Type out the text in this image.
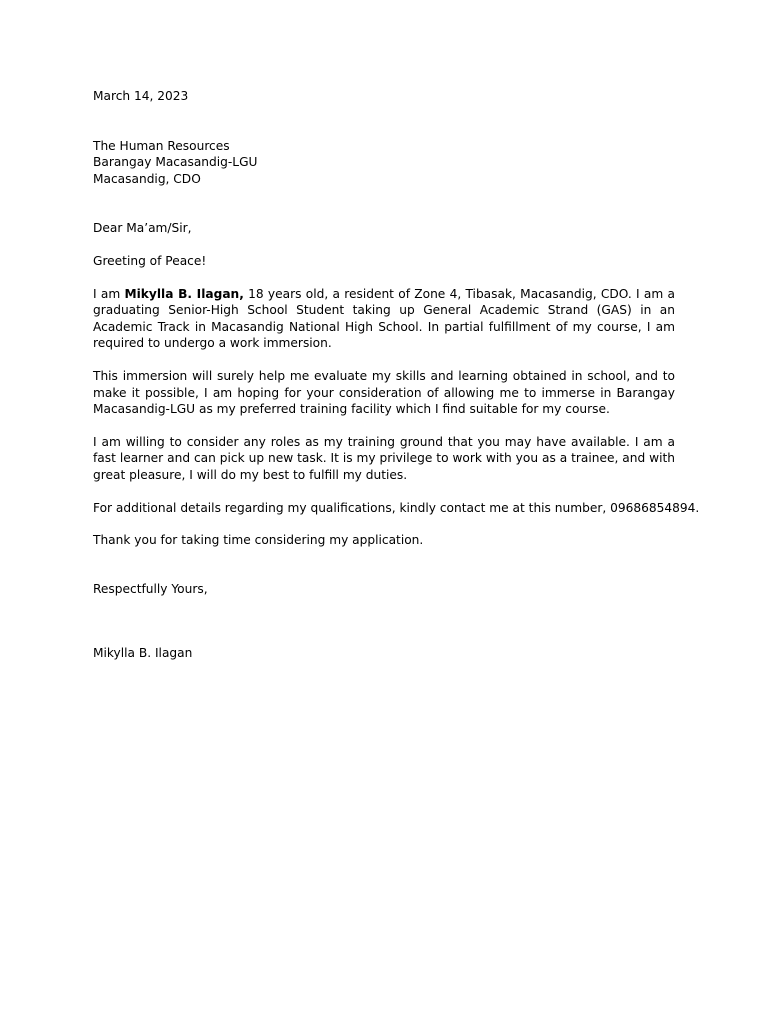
March 14, 2023

The Human Resources

Barangay Macasandig-LGU

Macasandig, CDO

Dear Ma’am/Sir,

Greeting of Peace!

I am Mikylla B. Ilagan, 18 years old, a resident of Zone 4, Tibasak, Macasandig, CDO. I am a graduating Senior-High School Student taking up General Academic Strand (GAS) in an Academic Track in Macasandig National High School. In partial fulfillment of my course, I am required to undergo a work immersion.

This immersion will surely help me evaluate my skills and learning obtained in school, and to make it possible, I am hoping for your consideration of allowing me to immerse in Barangay Macasandig-LGU as my preferred training facility which I find suitable for my course.

I am willing to consider any roles as my training ground that you may have available. I am a fast learner and can pick up new task. It is my privilege to work with you as a trainee, and with great pleasure, I will do my best to fulfill my duties.

For additional details regarding my qualifications, kindly contact me at this number, 09686854894.

Thank you for taking time considering my application.

Respectfully Yours,

Mikylla B. Ilagan
